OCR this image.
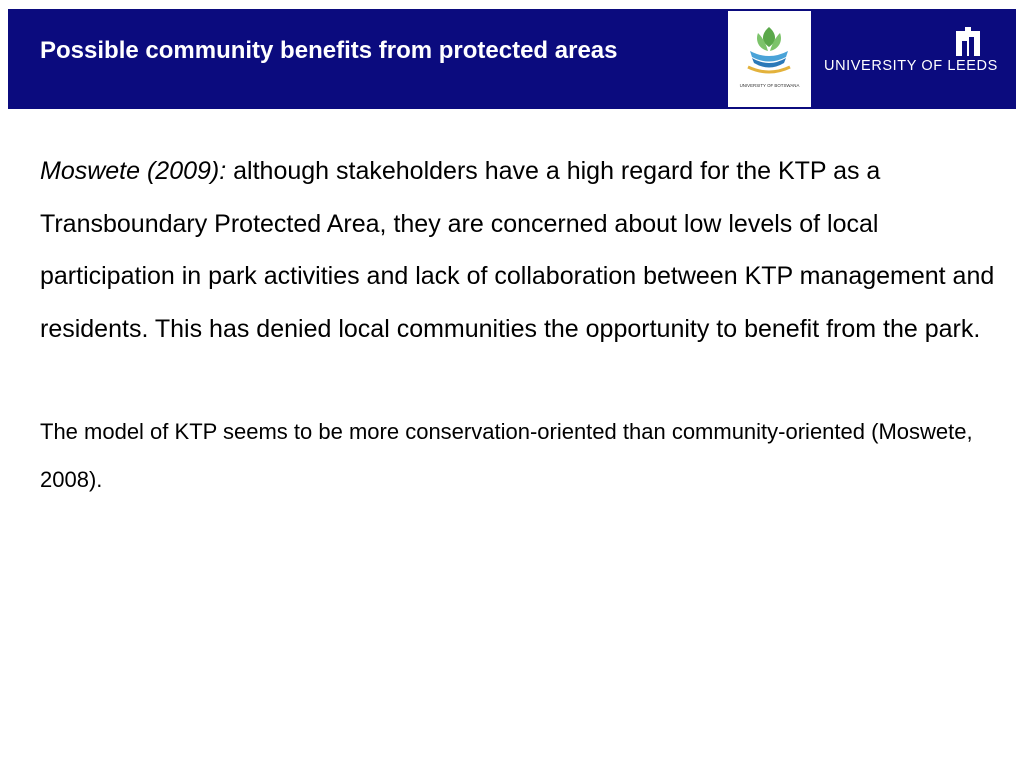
Possible community benefits from protected areas
UNIVERSITY OF BOTSWANA
UNIVERSITY OF LEEDS

Moswete (2009): although stakeholders have a high regard for the KTP as a Transboundary Protected Area, they are concerned about low levels of local participation in park activities and lack of collaboration between KTP management and residents. This has denied local communities the opportunity to benefit from the park.

The model of KTP seems to be more conservation-oriented than community-oriented (Moswete, 2008).
